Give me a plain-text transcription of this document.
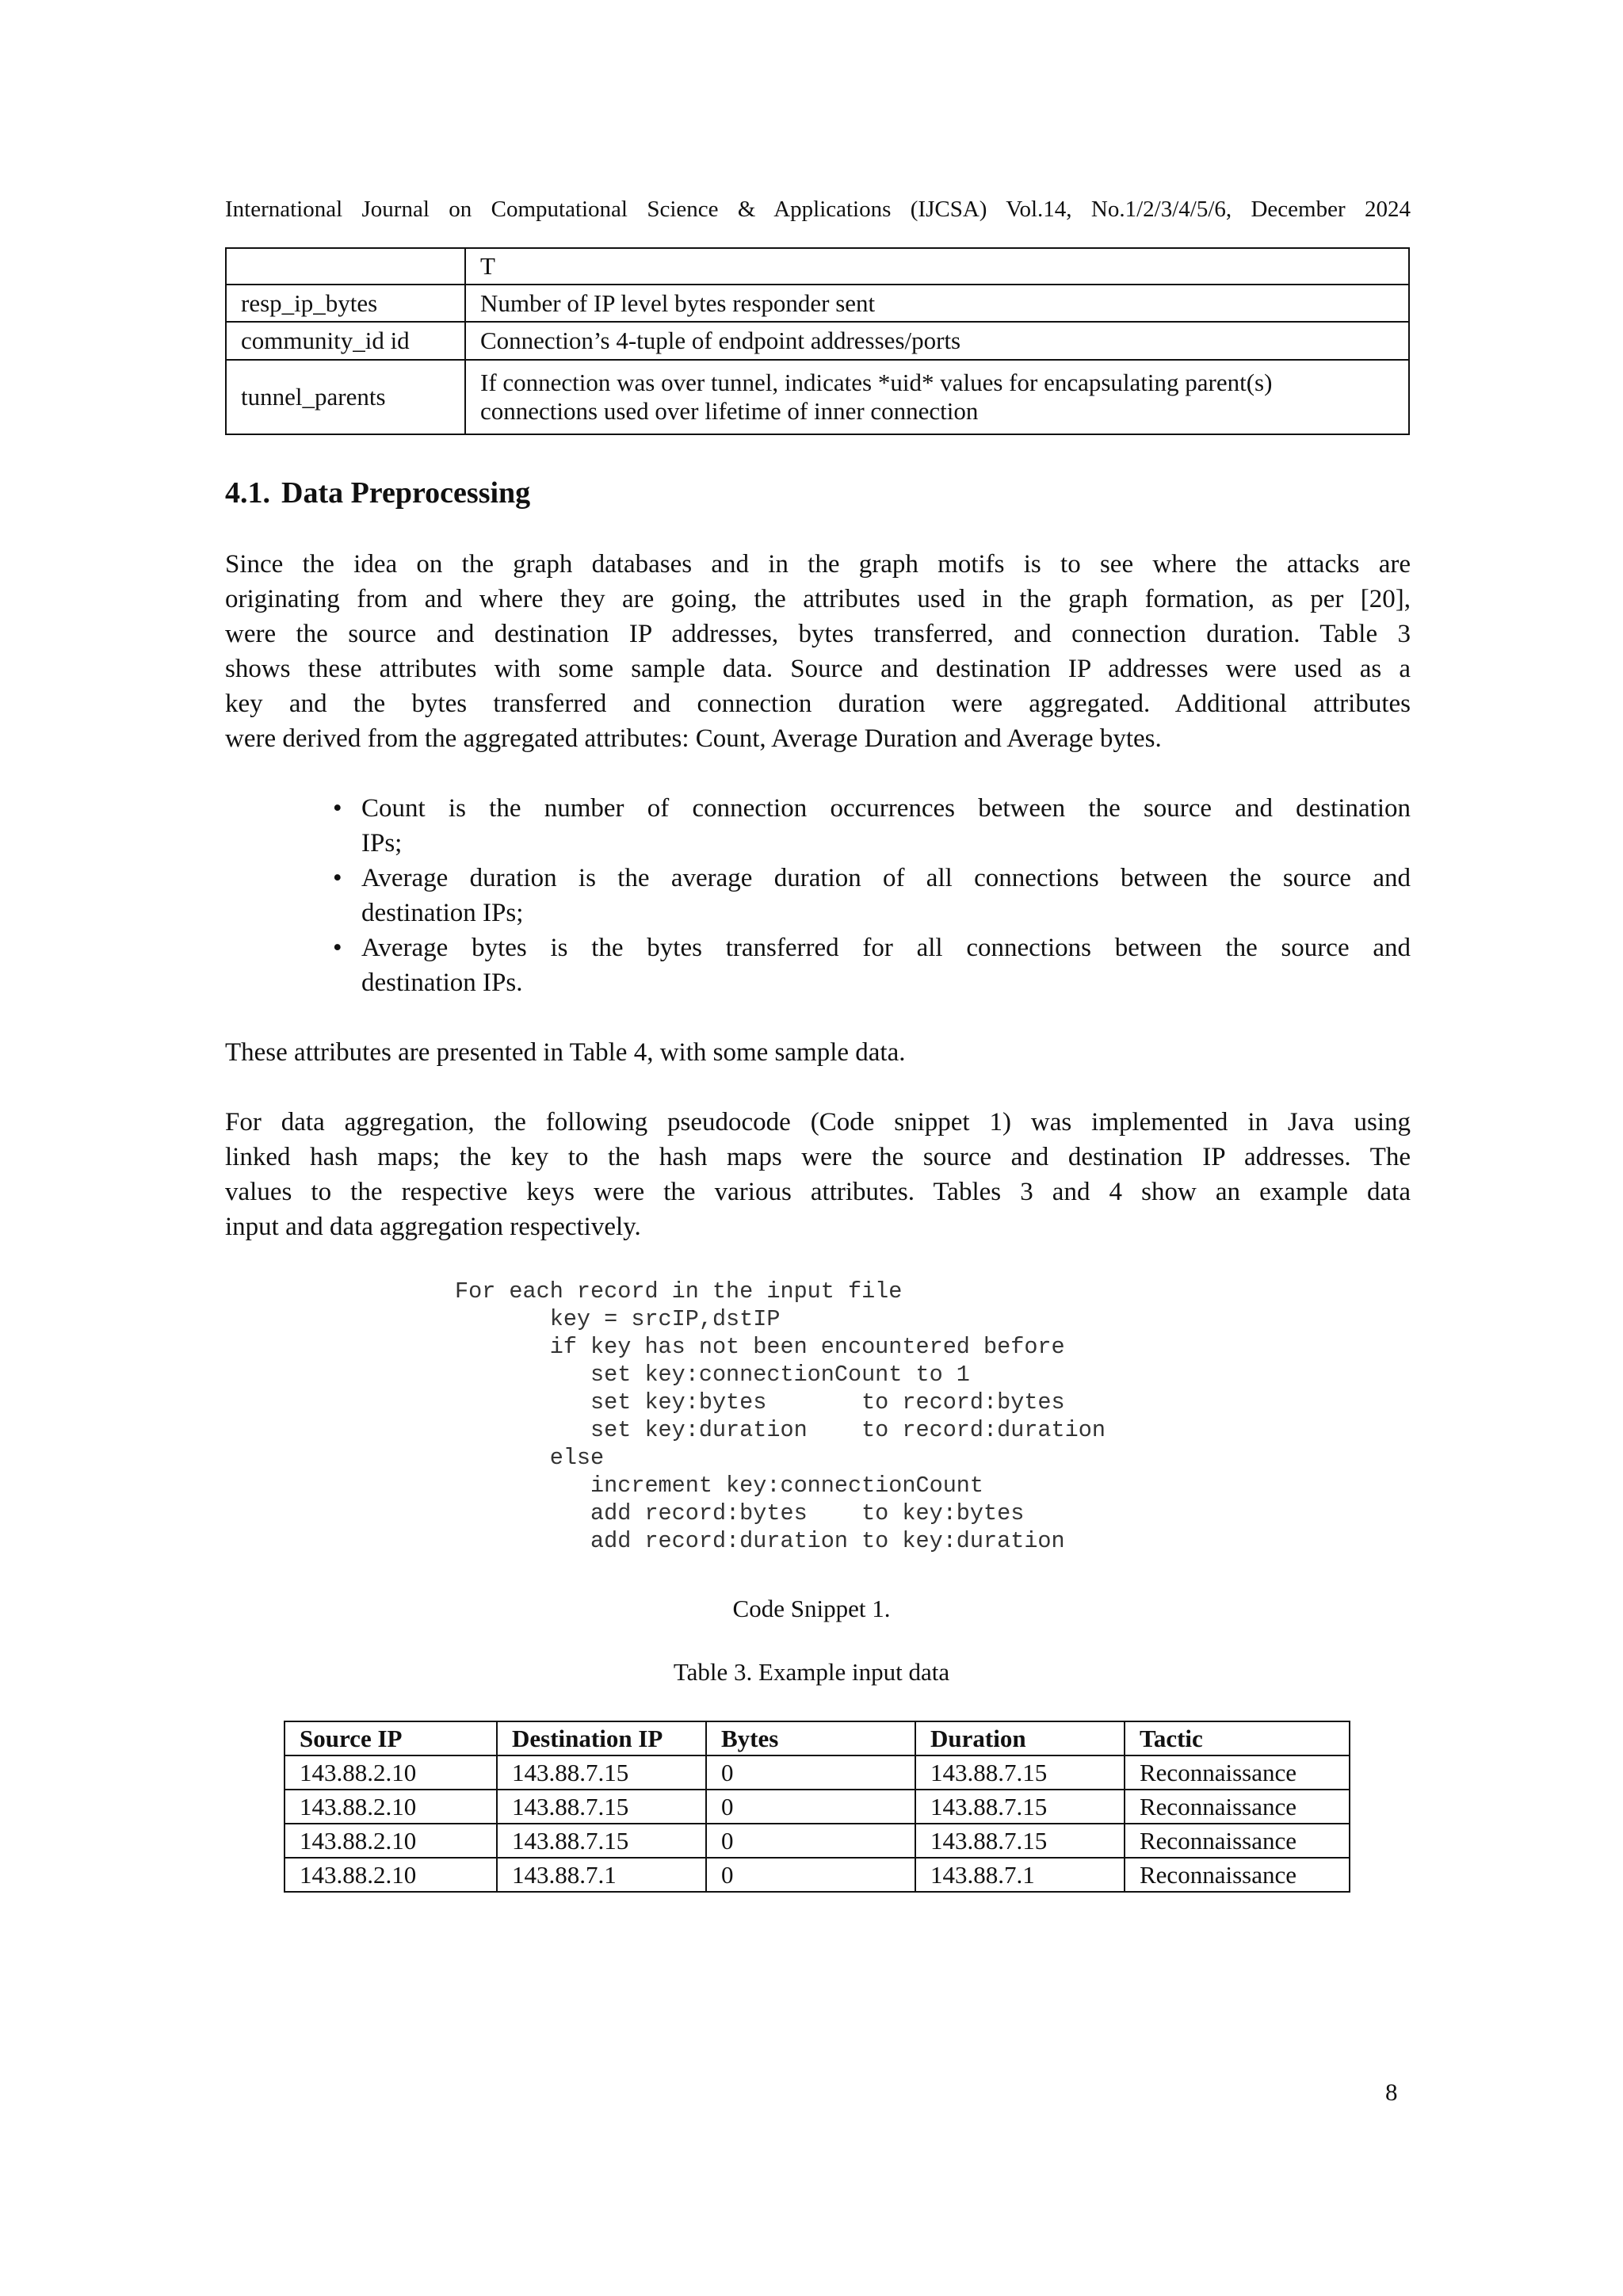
International Journal on Computational Science & Applications (IJCSA) Vol.14, No.1/2/3/4/5/6, December 2024
	T
resp_ip_bytes	Number of IP level bytes responder sent
community_id id	Connection’s 4-tuple of endpoint addresses/ports
tunnel_parents	If connection was over tunnel, indicates *uid* values for encapsulating parent(s)
connections used over lifetime of inner connection
4.1. Data Preprocessing
Since the idea on the graph databases and in the graph motifs is to see where the attacks are
originating from and where they are going, the attributes used in the graph formation, as per [20],
were the source and destination IP addresses, bytes transferred, and connection duration. Table 3
shows these attributes with some sample data. Source and destination IP addresses were used as a
key and the bytes transferred and connection duration were aggregated. Additional attributes
were derived from the aggregated attributes: Count, Average Duration and Average bytes.
• Count is the number of connection occurrences between the source and destination
IPs;
• Average duration is the average duration of all connections between the source and
destination IPs;
• Average bytes is the bytes transferred for all connections between the source and
destination IPs.
These attributes are presented in Table 4, with some sample data.
For data aggregation, the following pseudocode (Code snippet 1) was implemented in Java using
linked hash maps; the key to the hash maps were the source and destination IP addresses. The
values to the respective keys were the various attributes. Tables 3 and 4 show an example data
input and data aggregation respectively.
For each record in the input file
key = srcIP,dstIP
if key has not been encountered before
set key:connectionCount to 1
set key:bytes       to record:bytes
set key:duration    to record:duration
else
increment key:connectionCount
add record:bytes    to key:bytes
add record:duration to key:duration
Code Snippet 1.
Table 3. Example input data
Source IP	Destination IP	Bytes	Duration	Tactic
143.88.2.10	143.88.7.15	0	143.88.7.15	Reconnaissance
143.88.2.10	143.88.7.15	0	143.88.7.15	Reconnaissance
143.88.2.10	143.88.7.15	0	143.88.7.15	Reconnaissance
143.88.2.10	143.88.7.1	0	143.88.7.1	Reconnaissance
8
